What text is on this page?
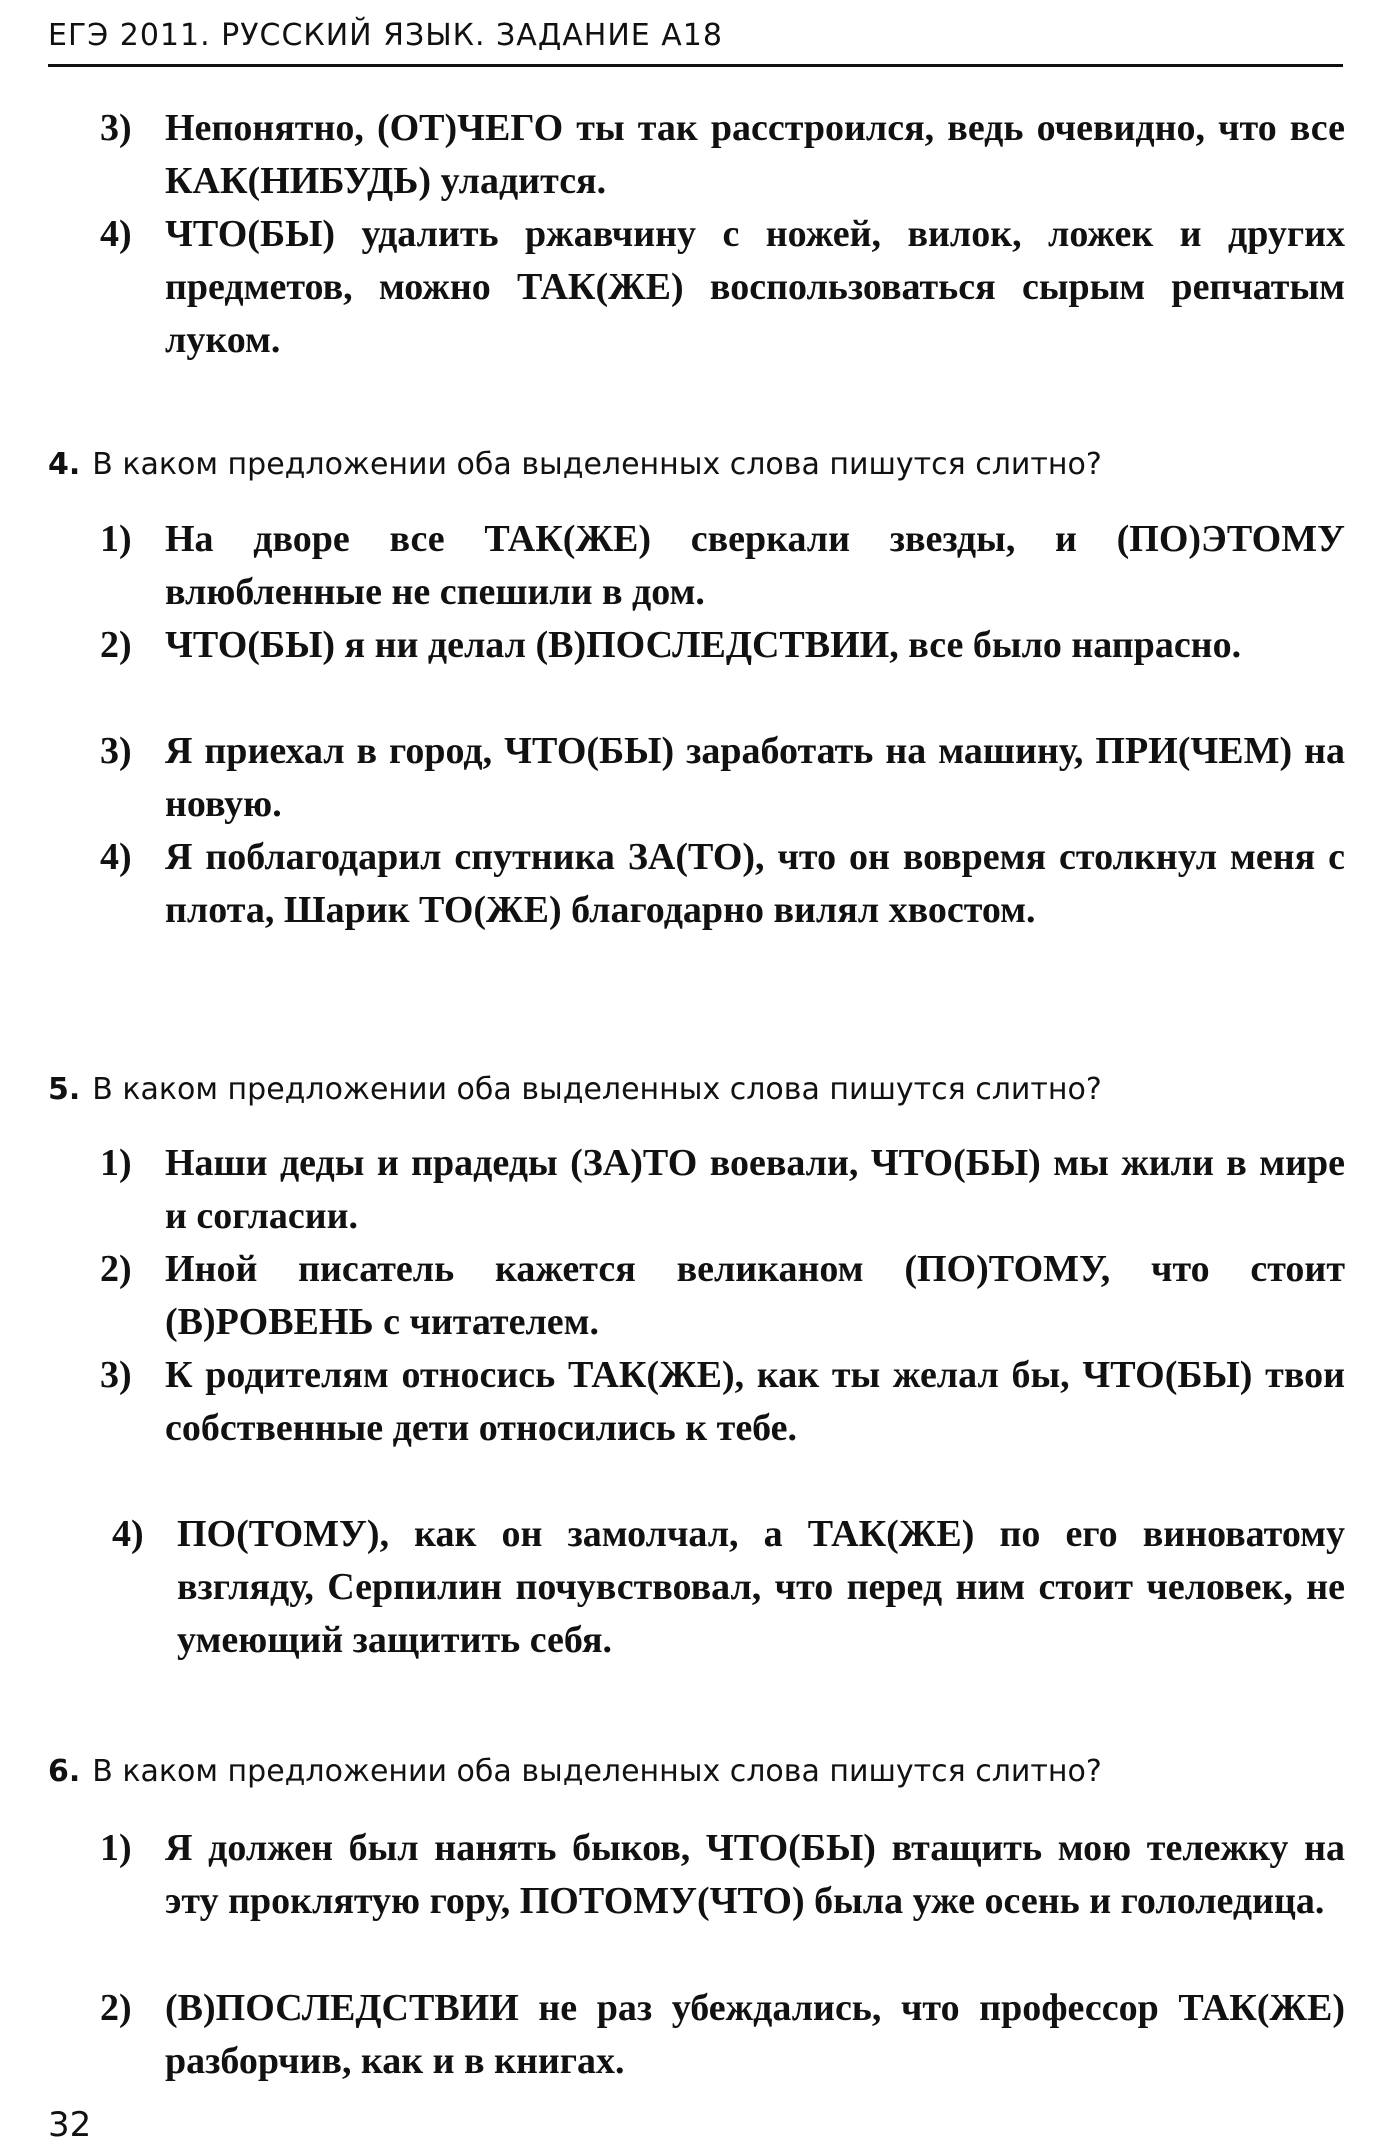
ЕГЭ 2011. РУССКИЙ ЯЗЫК. ЗАДАНИЕ А18
3) Непонятно, (ОТ)ЧЕГО ты так расстроился, ведь очевидно, что все КАК(НИБУДЬ) уладится.
4) ЧТО(БЫ) удалить ржавчину с ножей, вилок, ложек и других предметов, можно ТАК(ЖЕ) воспользоваться сырым репчатым луком.
4. В каком предложении оба выделенных слова пишутся слитно?
1) На дворе все ТАК(ЖЕ) сверкали звезды, и (ПО)ЭТОМУ влюбленные не спешили в дом.
2) ЧТО(БЫ) я ни делал (В)ПОСЛЕДСТВИИ, все было напрасно.
3) Я приехал в город, ЧТО(БЫ) заработать на машину, ПРИ(ЧЕМ) на новую.
4) Я поблагодарил спутника ЗА(ТО), что он вовремя столкнул меня с плота, Шарик ТО(ЖЕ) благодарно вилял хвостом.
5. В каком предложении оба выделенных слова пишутся слитно?
1) Наши деды и прадеды (ЗА)ТО воевали, ЧТО(БЫ) мы жили в мире и согласии.
2) Иной писатель кажется великаном (ПО)ТОМУ, что стоит (В)РОВЕНЬ с читателем.
3) К родителям относись ТАК(ЖЕ), как ты желал бы, ЧТО(БЫ) твои собственные дети относились к тебе.
4) ПО(ТОМУ), как он замолчал, а ТАК(ЖЕ) по его виноватому взгляду, Серпилин почувствовал, что перед ним стоит человек, не умеющий защитить себя.
6. В каком предложении оба выделенных слова пишутся слитно?
1) Я должен был нанять быков, ЧТО(БЫ) втащить мою тележку на эту проклятую гору, ПОТОМУ(ЧТО) была уже осень и гололедица.
2) (В)ПОСЛЕДСТВИИ не раз убеждались, что профессор ТАК(ЖЕ) разборчив, как и в книгах.
32
